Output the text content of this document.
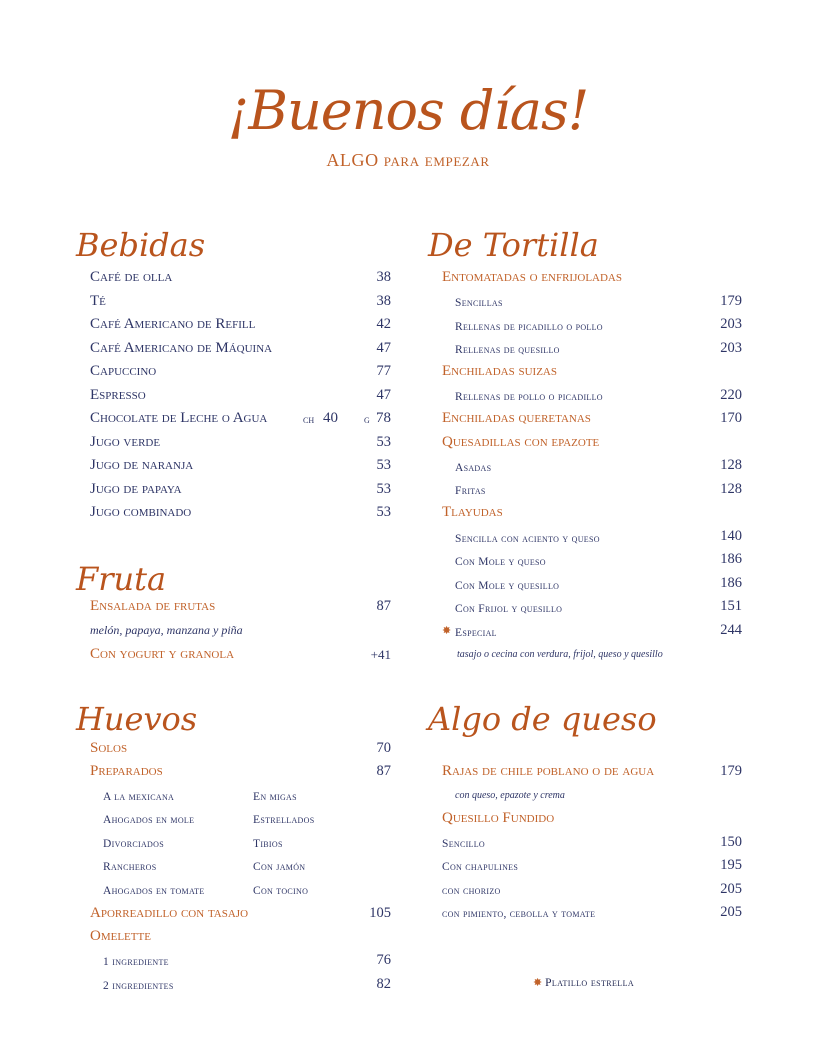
¡Buenos días!
ALGO para empezar
Bebidas
Café de olla	38
Té	38
Café Americano de Refill	42
Café Americano de Máquina	47
Capuccino	77
Espresso	47
Chocolate de Leche o Agua	ch 40 g 78
Jugo verde	53
Jugo de naranja	53
Jugo de papaya	53
Jugo combinado	53
Fruta
Ensalada de frutas	87
melón, papaya, manzana y piña
Con yogurt y granola	+41
Huevos
Solos	70
Preparados	87
A la mexicana	En migas
Ahogados en mole	Estrellados
Divorciados	Tibios
Rancheros	Con jamón
Ahogados en tomate	Con tocino
Aporreadillo con tasajo	105
Omelette
1 ingrediente	76
2 ingredientes	82
De Tortilla
Entomatadas o enfrijoladas
Sencillas	179
Rellenas de picadillo o pollo	203
Rellenas de quesillo	203
Enchiladas suizas
Rellenas de pollo o picadillo	220
Enchiladas queretanas	170
Quesadillas con epazote
Asadas	128
Fritas	128
Tlayudas
Sencilla con aciento y queso	140
Con Mole y queso	186
Con Mole y quesillo	186
Con Frijol y quesillo	151
✸ Especial	244
tasajo o cecina con verdura, frijol, queso y quesillo
Algo de queso
Rajas de chile poblano o de agua	179
con queso, epazote y crema
Quesillo Fundido
Sencillo	150
Con chapulines	195
con chorizo	205
con pimiento, cebolla y tomate	205
✸ Platillo estrella
